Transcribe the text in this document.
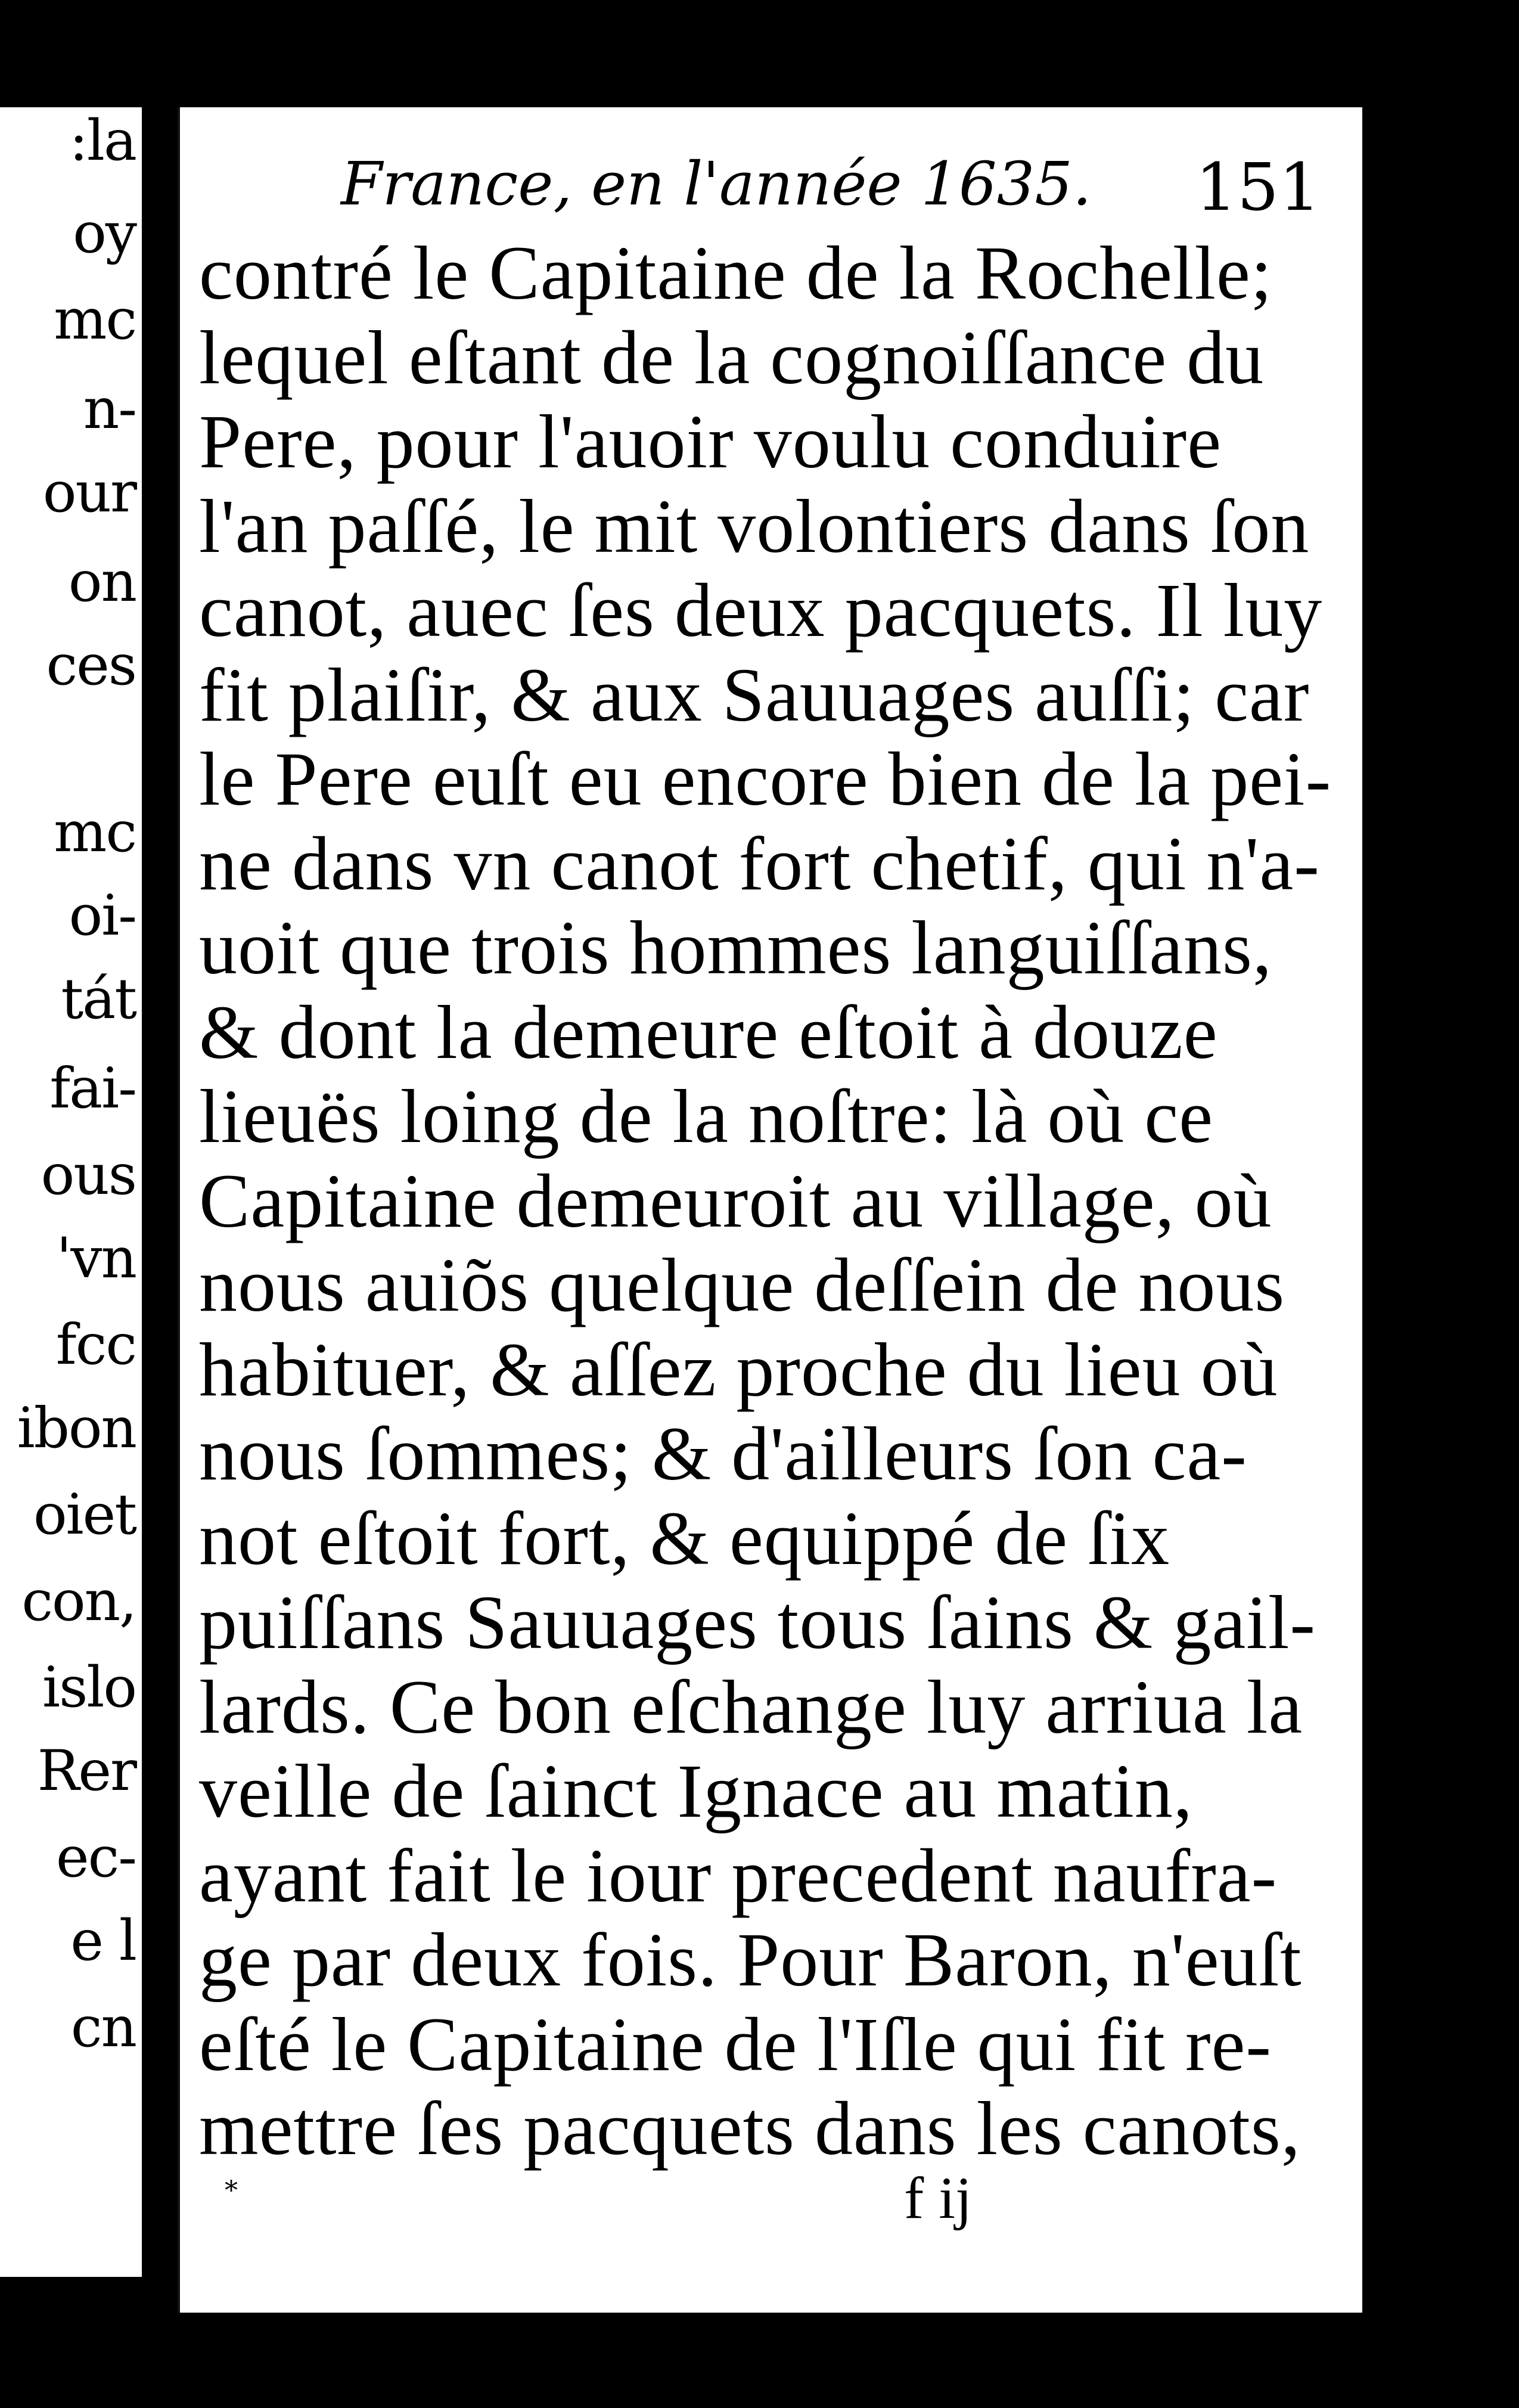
:la
oy
mc
n-
our
on
ces
mc
oi-
tát
fai-
ous
'vn
fcc
ibon
oiet
con,
islo
Rer
ec-
e l
cn
France, en l'année 1635. 151
contré le Capitaine de la Rochelle;
lequel eſtant de la cognoiſſance du
Pere, pour l'auoir voulu conduire
l'an paſſé, le mit volontiers dans ſon
canot, auec ſes deux pacquets. Il luy
fit plaiſir, & aux Sauuages auſſi; car
le Pere euſt eu encore bien de la pei-
ne dans vn canot fort chetif, qui n'a-
uoit que trois hommes languiſſans,
& dont la demeure eſtoit à douze
lieuës loing de la noſtre: là où ce
Capitaine demeuroit au village, où
nous auiõs quelque deſſein de nous
habituer, & aſſez proche du lieu où
nous ſommes; & d'ailleurs ſon ca-
not eſtoit fort, & equippé de ſix
puiſſans Sauuages tous ſains & gail-
lards. Ce bon eſchange luy arriua la
veille de ſainct Ignace au matin,
ayant fait le iour precedent naufra-
ge par deux fois. Pour Baron, n'euſt
eſté le Capitaine de l'Iſle qui fit re-
mettre ſes pacquets dans les canots,
*	f ij
